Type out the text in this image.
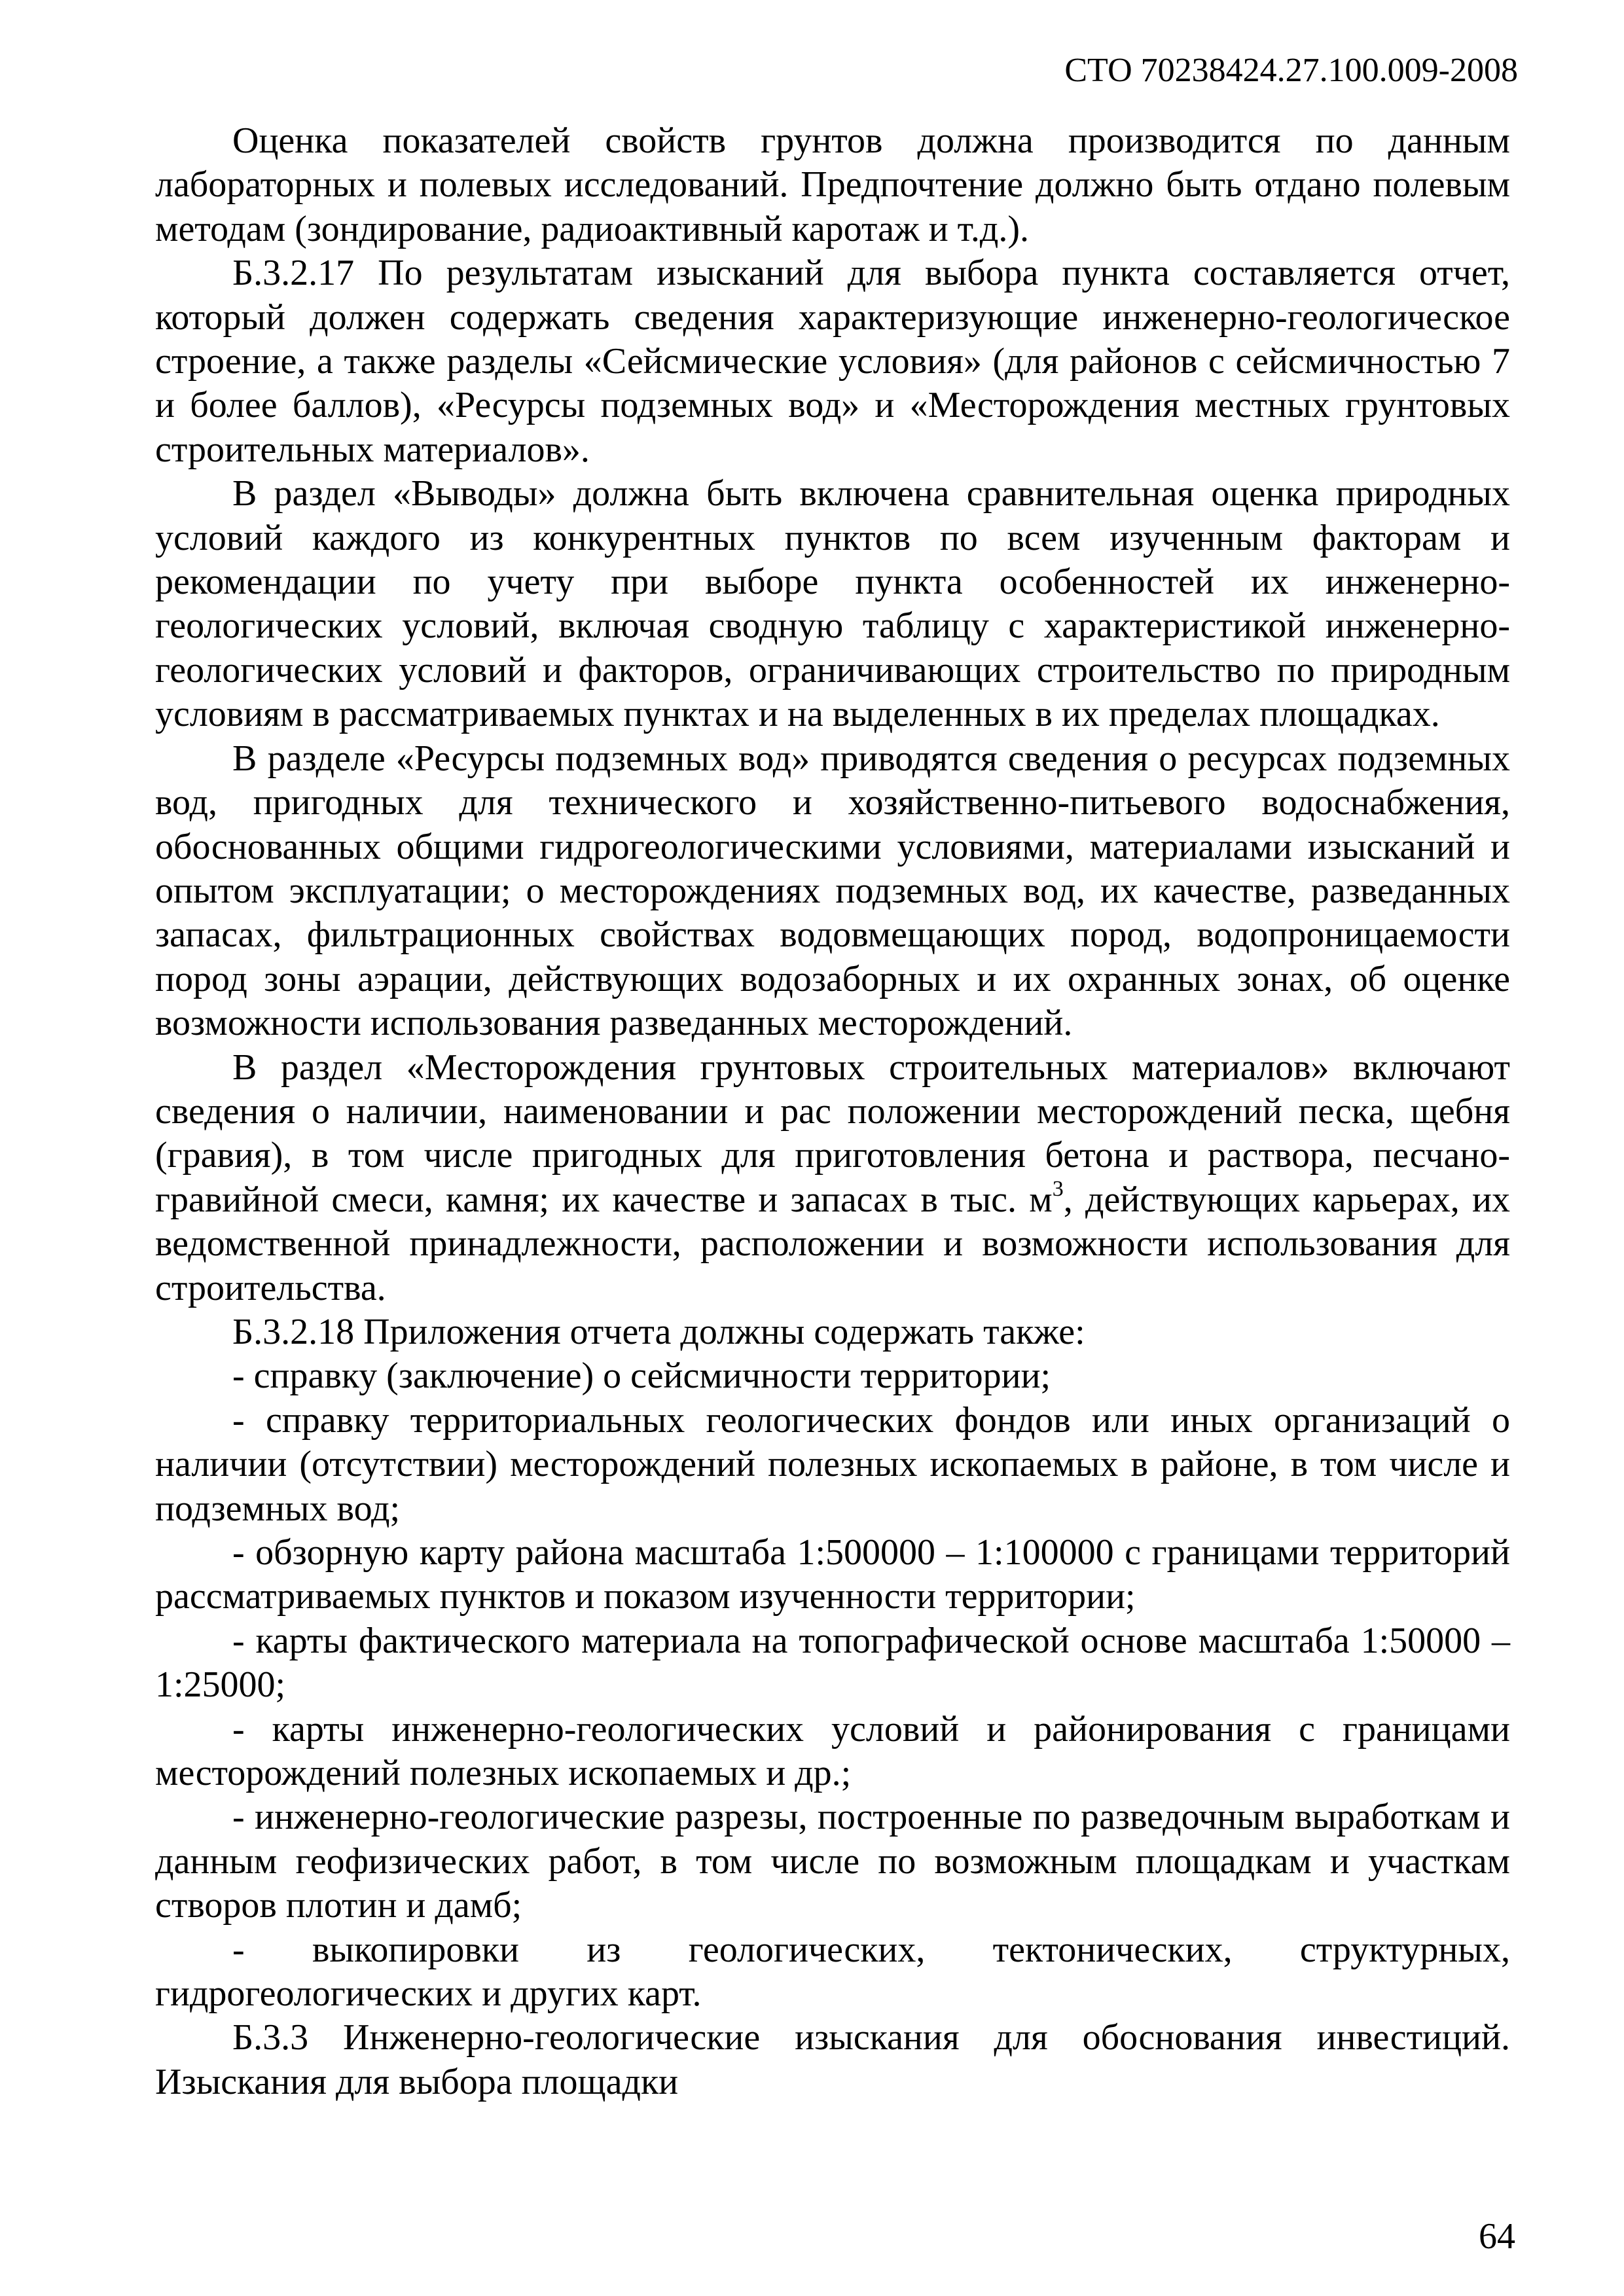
СТО 70238424.27.100.009-2008

Оценка показателей свойств грунтов должна производится по данным лабораторных и полевых исследований. Предпочтение должно быть отдано полевым методам (зондирование, радиоактивный каротаж и т.д.).

Б.3.2.17 По результатам изысканий для выбора пункта составляется отчет, который должен содержать сведения характеризующие инженерно-геологическое строение, а также разделы «Сейсмические условия» (для районов с сейсмичностью 7 и более баллов), «Ресурсы подземных вод» и «Месторождения местных грунтовых строительных материалов».

В раздел «Выводы» должна быть включена сравнительная оценка природных условий каждого из конкурентных пунктов по всем изученным факторам и рекомендации по учету при выборе пункта особенностей их инженерно-геологических условий, включая сводную таблицу с характеристикой инженерно-геологических условий и факторов, ограничивающих строительство по природным условиям в рассматриваемых пунктах и на выделенных в их пределах площадках.

В разделе «Ресурсы подземных вод» приводятся сведения о ресурсах подземных вод, пригодных для технического и хозяйственно-питьевого водоснабжения, обоснованных общими гидрогеологическими условиями, материалами изысканий и опытом эксплуатации; о месторождениях подземных вод, их качестве, разведанных запасах, фильтрационных свойствах водовмещающих пород, водопроницаемости пород зоны аэрации, действующих водозаборных и их охранных зонах, об оценке возможности использования разведанных месторождений.

В раздел «Месторождения грунтовых строительных материалов» включают сведения о наличии, наименовании и рас положении месторождений песка, щебня (гравия), в том числе пригодных для приготовления бетона и раствора, песчано-гравийной смеси, камня; их качестве и запасах в тыс. $м^3$, действующих карьерах, их ведомственной принадлежности, расположении и возможности использования для строительства.

Б.3.2.18 Приложения отчета должны содержать также:

- справку (заключение) о сейсмичности территории;

- справку территориальных геологических фондов или иных организаций о наличии (отсутствии) месторождений полезных ископаемых в районе, в том числе и подземных вод;

- обзорную карту района масштаба 1:500000 – 1:100000 с границами территорий рассматриваемых пунктов и показом изученности территории;

- карты фактического материала на топографической основе масштаба 1:50000 – 1:25000;

- карты инженерно-геологических условий и районирования с границами месторождений полезных ископаемых и др.;

- инженерно-геологические разрезы, построенные по разведочным выработкам и данным геофизических работ, в том числе по возможным площадкам и участкам створов плотин и дамб;

- выкопировки из геологических, тектонических, структурных, гидрогеологических и других карт.

Б.3.3 Инженерно-геологические изыскания для обоснования инвестиций. Изыскания для выбора площадки

64
